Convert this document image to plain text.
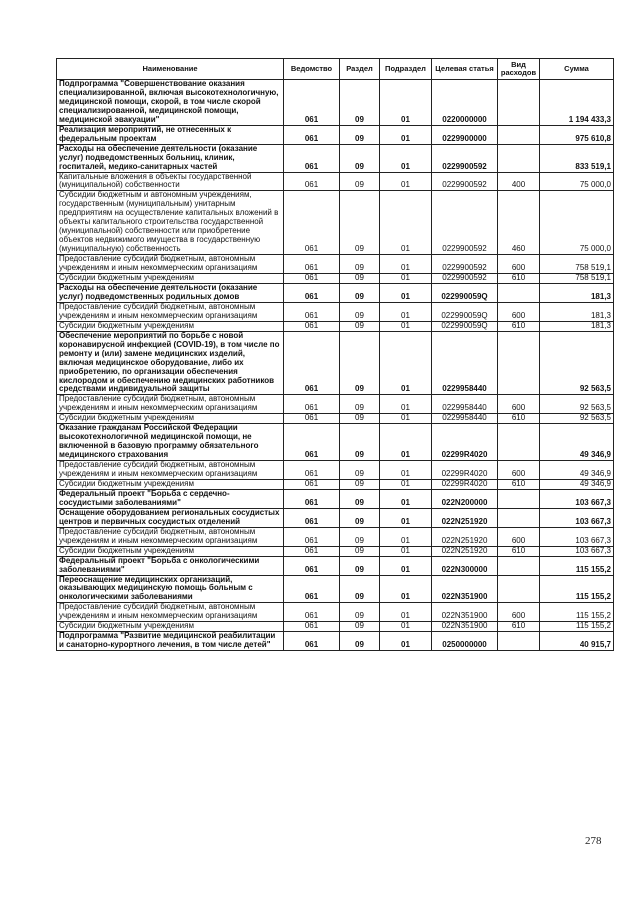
Наименование	Ведомство	Раздел	Подраздел	Целевая статья	Вид расходов	Сумма
Подпрограмма "Совершенствование оказания специализированной, включая высокотехнологичную, медицинской помощи, скорой, в том числе скорой специализированной, медицинской помощи, медицинской эвакуации"	061	09	01	0220000000		1 194 433,3
Реализация мероприятий, не отнесенных к федеральным проектам	061	09	01	0229900000		975 610,8
Расходы на обеспечение деятельности (оказание услуг) подведомственных больниц, клиник, госпиталей, медико-санитарных частей	061	09	01	0229900592		833 519,1
Капитальные вложения в объекты государственной (муниципальной) собственности	061	09	01	0229900592	400	75 000,0
Субсидии бюджетным и автономным учреждениям, государственным (муниципальным) унитарным предприятиям на осуществление капитальных вложений в объекты капитального строительства государственной (муниципальной) собственности или приобретение объектов недвижимого имущества в государственную (муниципальную) собственность	061	09	01	0229900592	460	75 000,0
Предоставление субсидий бюджетным, автономным учреждениям и иным некоммерческим организациям	061	09	01	0229900592	600	758 519,1
Субсидии бюджетным учреждениям	061	09	01	0229900592	610	758 519,1
Расходы на обеспечение деятельности (оказание услуг) подведомственных родильных домов	061	09	01	022990059Q		181,3
Предоставление субсидий бюджетным, автономным учреждениям и иным некоммерческим организациям	061	09	01	022990059Q	600	181,3
Субсидии бюджетным учреждениям	061	09	01	022990059Q	610	181,3
Обеспечение мероприятий по борьбе с новой коронавирусной инфекцией (COVID-19), в том числе по ремонту и (или) замене медицинских изделий, включая медицинское оборудование, либо их приобретению, по организации обеспечения кислородом и обеспечению медицинских работников средствами индивидуальной защиты	061	09	01	0229958440		92 563,5
Предоставление субсидий бюджетным, автономным учреждениям и иным некоммерческим организациям	061	09	01	0229958440	600	92 563,5
Субсидии бюджетным учреждениям	061	09	01	0229958440	610	92 563,5
Оказание гражданам Российской Федерации высокотехнологичной медицинской помощи, не включенной в базовую программу обязательного медицинского страхования	061	09	01	02299R4020		49 346,9
Предоставление субсидий бюджетным, автономным учреждениям и иным некоммерческим организациям	061	09	01	02299R4020	600	49 346,9
Субсидии бюджетным учреждениям	061	09	01	02299R4020	610	49 346,9
Федеральный проект "Борьба с сердечно-сосудистыми заболеваниями"	061	09	01	022N200000		103 667,3
Оснащение оборудованием региональных сосудистых центров и первичных сосудистых отделений	061	09	01	022N251920		103 667,3
Предоставление субсидий бюджетным, автономным учреждениям и иным некоммерческим организациям	061	09	01	022N251920	600	103 667,3
Субсидии бюджетным учреждениям	061	09	01	022N251920	610	103 667,3
Федеральный проект "Борьба с онкологическими заболеваниями"	061	09	01	022N300000		115 155,2
Переоснащение медицинских организаций, оказывающих медицинскую помощь больным с онкологическими заболеваниями	061	09	01	022N351900		115 155,2
Предоставление субсидий бюджетным, автономным учреждениям и иным некоммерческим организациям	061	09	01	022N351900	600	115 155,2
Субсидии бюджетным учреждениям	061	09	01	022N351900	610	115 155,2
Подпрограмма "Развитие медицинской реабилитации и санаторно-курортного лечения, в том числе детей"	061	09	01	0250000000		40 915,7
278
